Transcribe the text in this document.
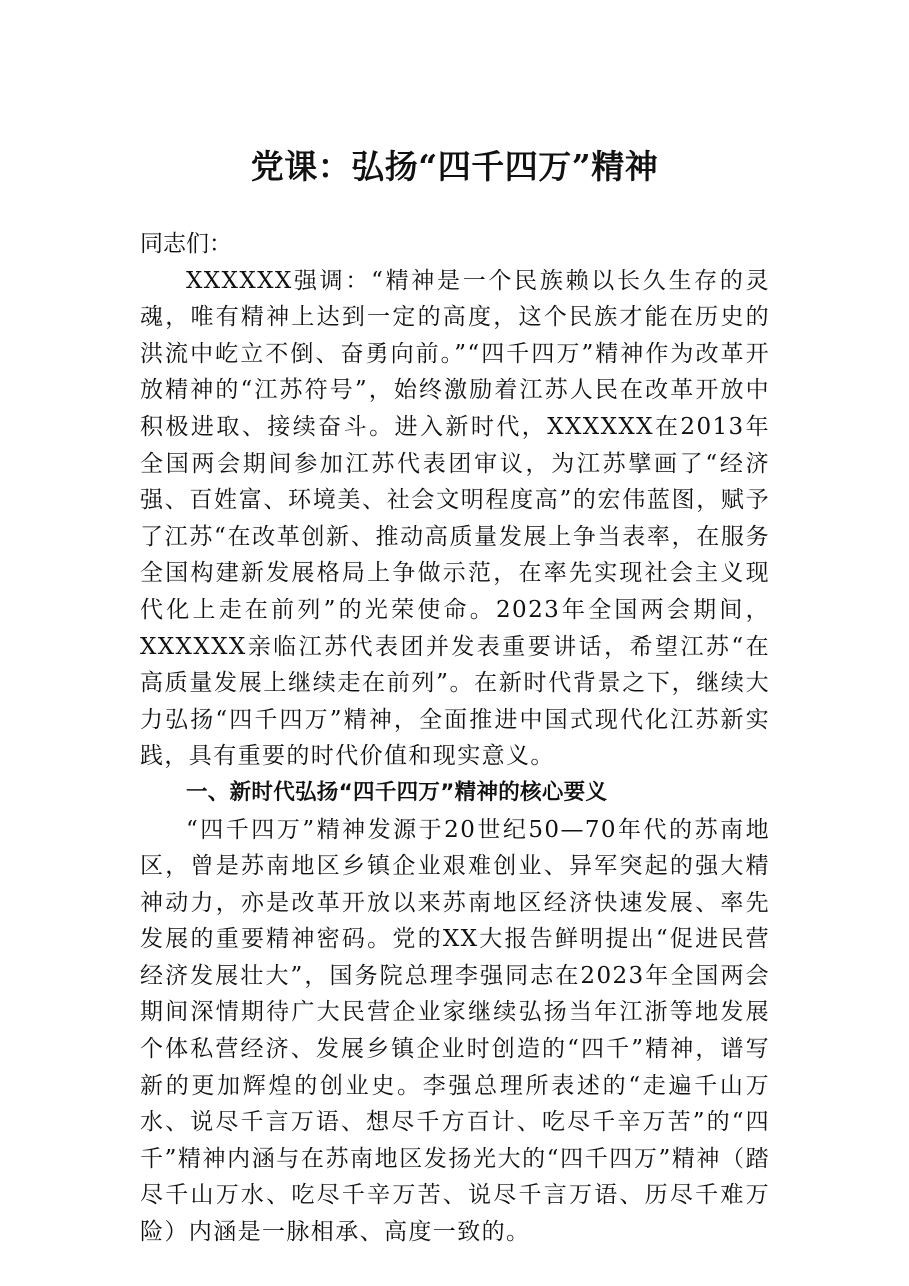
党课：弘扬“四千四万”精神

同志们：

XXXXXX强调：“精神是一个民族赖以长久生存的灵魂，唯有精神上达到一定的高度，这个民族才能在历史的洪流中屹立不倒、奋勇向前。”“四千四万”精神作为改革开放精神的“江苏符号”，始终激励着江苏人民在改革开放中积极进取、接续奋斗。进入新时代，XXXXXX在2013年全国两会期间参加江苏代表团审议，为江苏擘画了“经济强、百姓富、环境美、社会文明程度高”的宏伟蓝图，赋予了江苏“在改革创新、推动高质量发展上争当表率，在服务全国构建新发展格局上争做示范，在率先实现社会主义现代化上走在前列”的光荣使命。2023年全国两会期间，XXXXXX亲临江苏代表团并发表重要讲话，希望江苏“在高质量发展上继续走在前列”。在新时代背景之下，继续大力弘扬“四千四万”精神，全面推进中国式现代化江苏新实践，具有重要的时代价值和现实意义。

一、新时代弘扬“四千四万”精神的核心要义

“四千四万”精神发源于20世纪50—70年代的苏南地区，曾是苏南地区乡镇企业艰难创业、异军突起的强大精神动力，亦是改革开放以来苏南地区经济快速发展、率先发展的重要精神密码。党的XX大报告鲜明提出“促进民营经济发展壮大”，国务院总理李强同志在2023年全国两会期间深情期待广大民营企业家继续弘扬当年江浙等地发展个体私营经济、发展乡镇企业时创造的“四千”精神，谱写新的更加辉煌的创业史。李强总理所表述的“走遍千山万水、说尽千言万语、想尽千方百计、吃尽千辛万苦”的“四千”精神内涵与在苏南地区发扬光大的“四千四万”精神（踏尽千山万水、吃尽千辛万苦、说尽千言万语、历尽千难万险）内涵是一脉相承、高度一致的。
